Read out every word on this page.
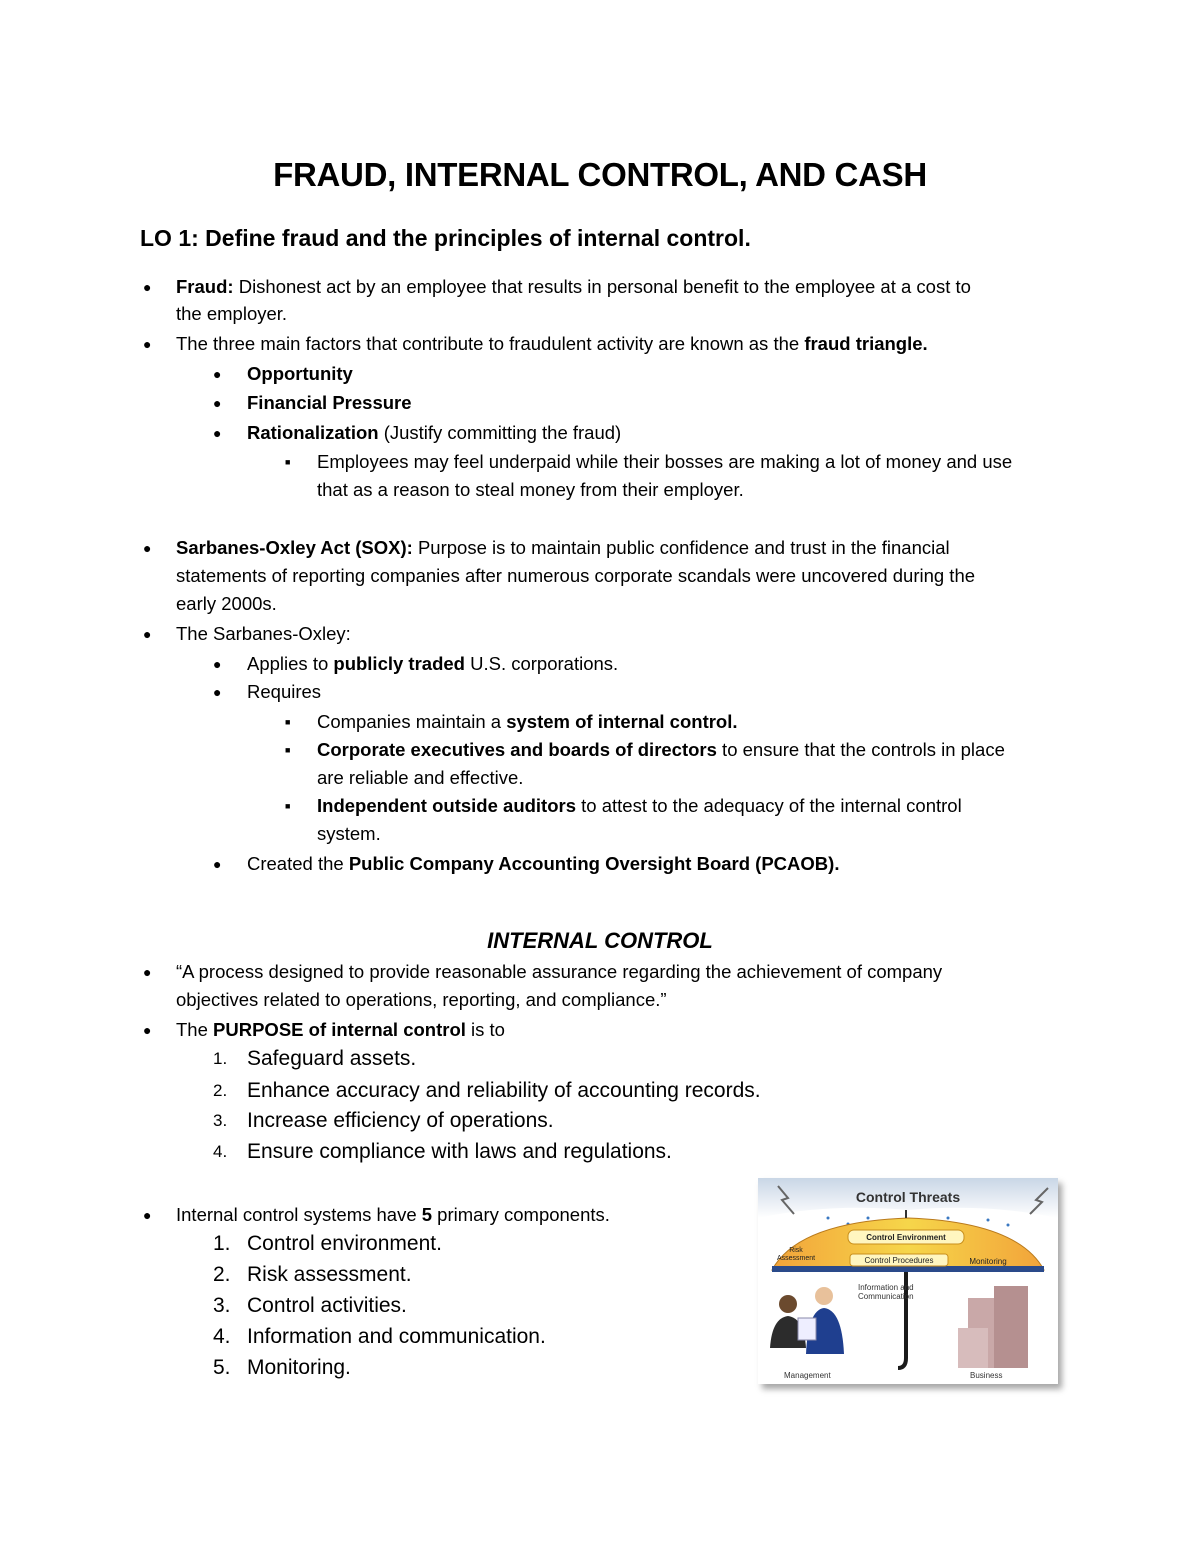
FRAUD, INTERNAL CONTROL, AND CASH
LO 1: Define fraud and the principles of internal control.
● Fraud: Dishonest act by an employee that results in personal benefit to the employee at a cost to
the employer.
● The three main factors that contribute to fraudulent activity are known as the fraud triangle.
● Opportunity
● Financial Pressure
● Rationalization (Justify committing the fraud)
■ Employees may feel underpaid while their bosses are making a lot of money and use
that as a reason to steal money from their employer.
● Sarbanes-Oxley Act (SOX): Purpose is to maintain public confidence and trust in the financial
statements of reporting companies after numerous corporate scandals were uncovered during the
early 2000s.
● The Sarbanes-Oxley:
● Applies to publicly traded U.S. corporations.
● Requires
■ Companies maintain a system of internal control.
■ Corporate executives and boards of directors to ensure that the controls in place
are reliable and effective.
■ Independent outside auditors to attest to the adequacy of the internal control
system.
● Created the Public Company Accounting Oversight Board (PCAOB).
INTERNAL CONTROL
● “A process designed to provide reasonable assurance regarding the achievement of company
objectives related to operations, reporting, and compliance.”
● The PURPOSE of internal control is to
1. Safeguard assets.
2. Enhance accuracy and reliability of accounting records.
3. Increase efficiency of operations.
4. Ensure compliance with laws and regulations.
● Internal control systems have 5 primary components.
1. Control environment.
2. Risk assessment.
3. Control activities.
4. Information and communication.
5. Monitoring.
Control Threats
Control Environment
Risk Assessment	Control Procedures	Monitoring
Information and Communication
Management	Business
